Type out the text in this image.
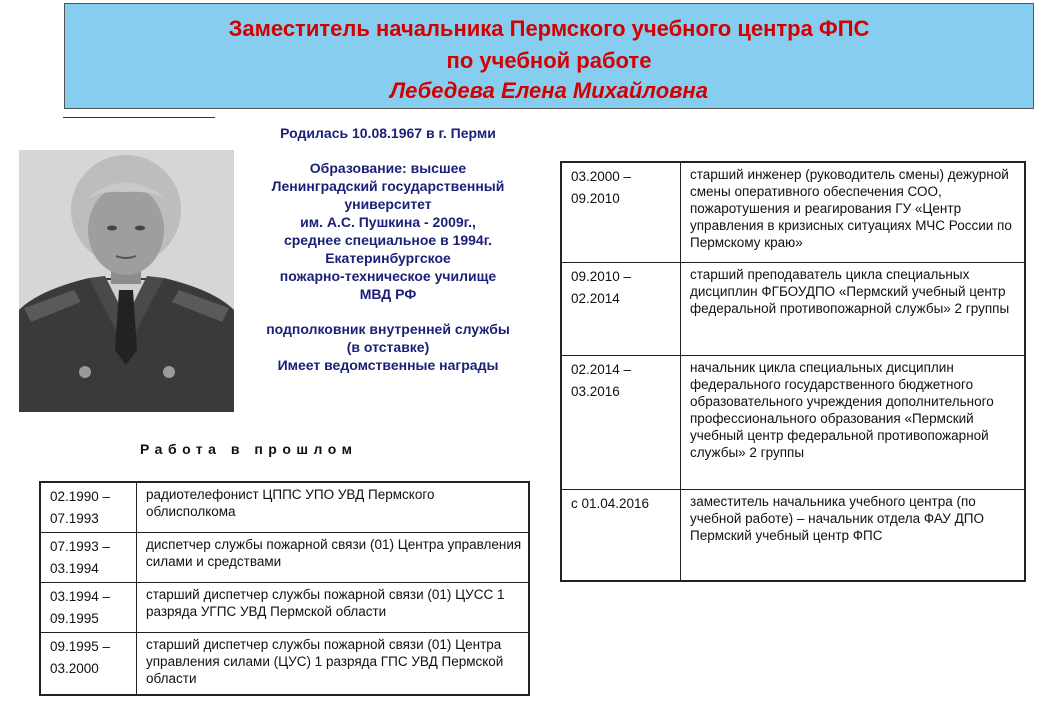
Заместитель начальника Пермского учебного центра ФПС
по учебной работе
Лебедева Елена Михайловна
Родилась 10.08.1967 в г. Перми
Образование: высшее
Ленинградский государственный
университет
им. А.С. Пушкина - 2009г.,
среднее специальное в 1994г.
Екатеринбургское
пожарно-техническое училище
МВД РФ
подполковник внутренней службы
(в отставке)
Имеет ведомственные награды
Работа в прошлом
02.1990 –
07.1993	радиотелефонист ЦППС УПО УВД Пермского облисполкома

07.1993 –
03.1994	диспетчер службы пожарной связи (01) Центра управления силами и средствами

03.1994 –
09.1995	старший диспетчер службы пожарной связи (01) ЦУСС 1 разряда УГПС УВД Пермской области

09.1995 –
03.2000	старший диспетчер службы пожарной связи (01) Центра управления силами (ЦУС) 1 разряда ГПС УВД Пермской области
03.2000 –
09.2010	старший инженер (руководитель смены) дежурной смены оперативного обеспечения СОО, пожаротушения и реагирования ГУ «Центр управления в кризисных ситуациях МЧС России по Пермскому краю»

09.2010 –
02.2014	старший преподаватель цикла специальных дисциплин ФГБОУДПО «Пермский учебный центр федеральной противопожарной службы» 2 группы

02.2014 –
03.2016	начальник цикла специальных дисциплин федерального государственного бюджетного образовательного учреждения дополнительного профессионального образования «Пермский учебный центр федеральной противопожарной службы» 2 группы

с 01.04.2016	заместитель начальника учебного центра (по учебной работе) – начальник отдела ФАУ ДПО Пермский учебный центр ФПС
